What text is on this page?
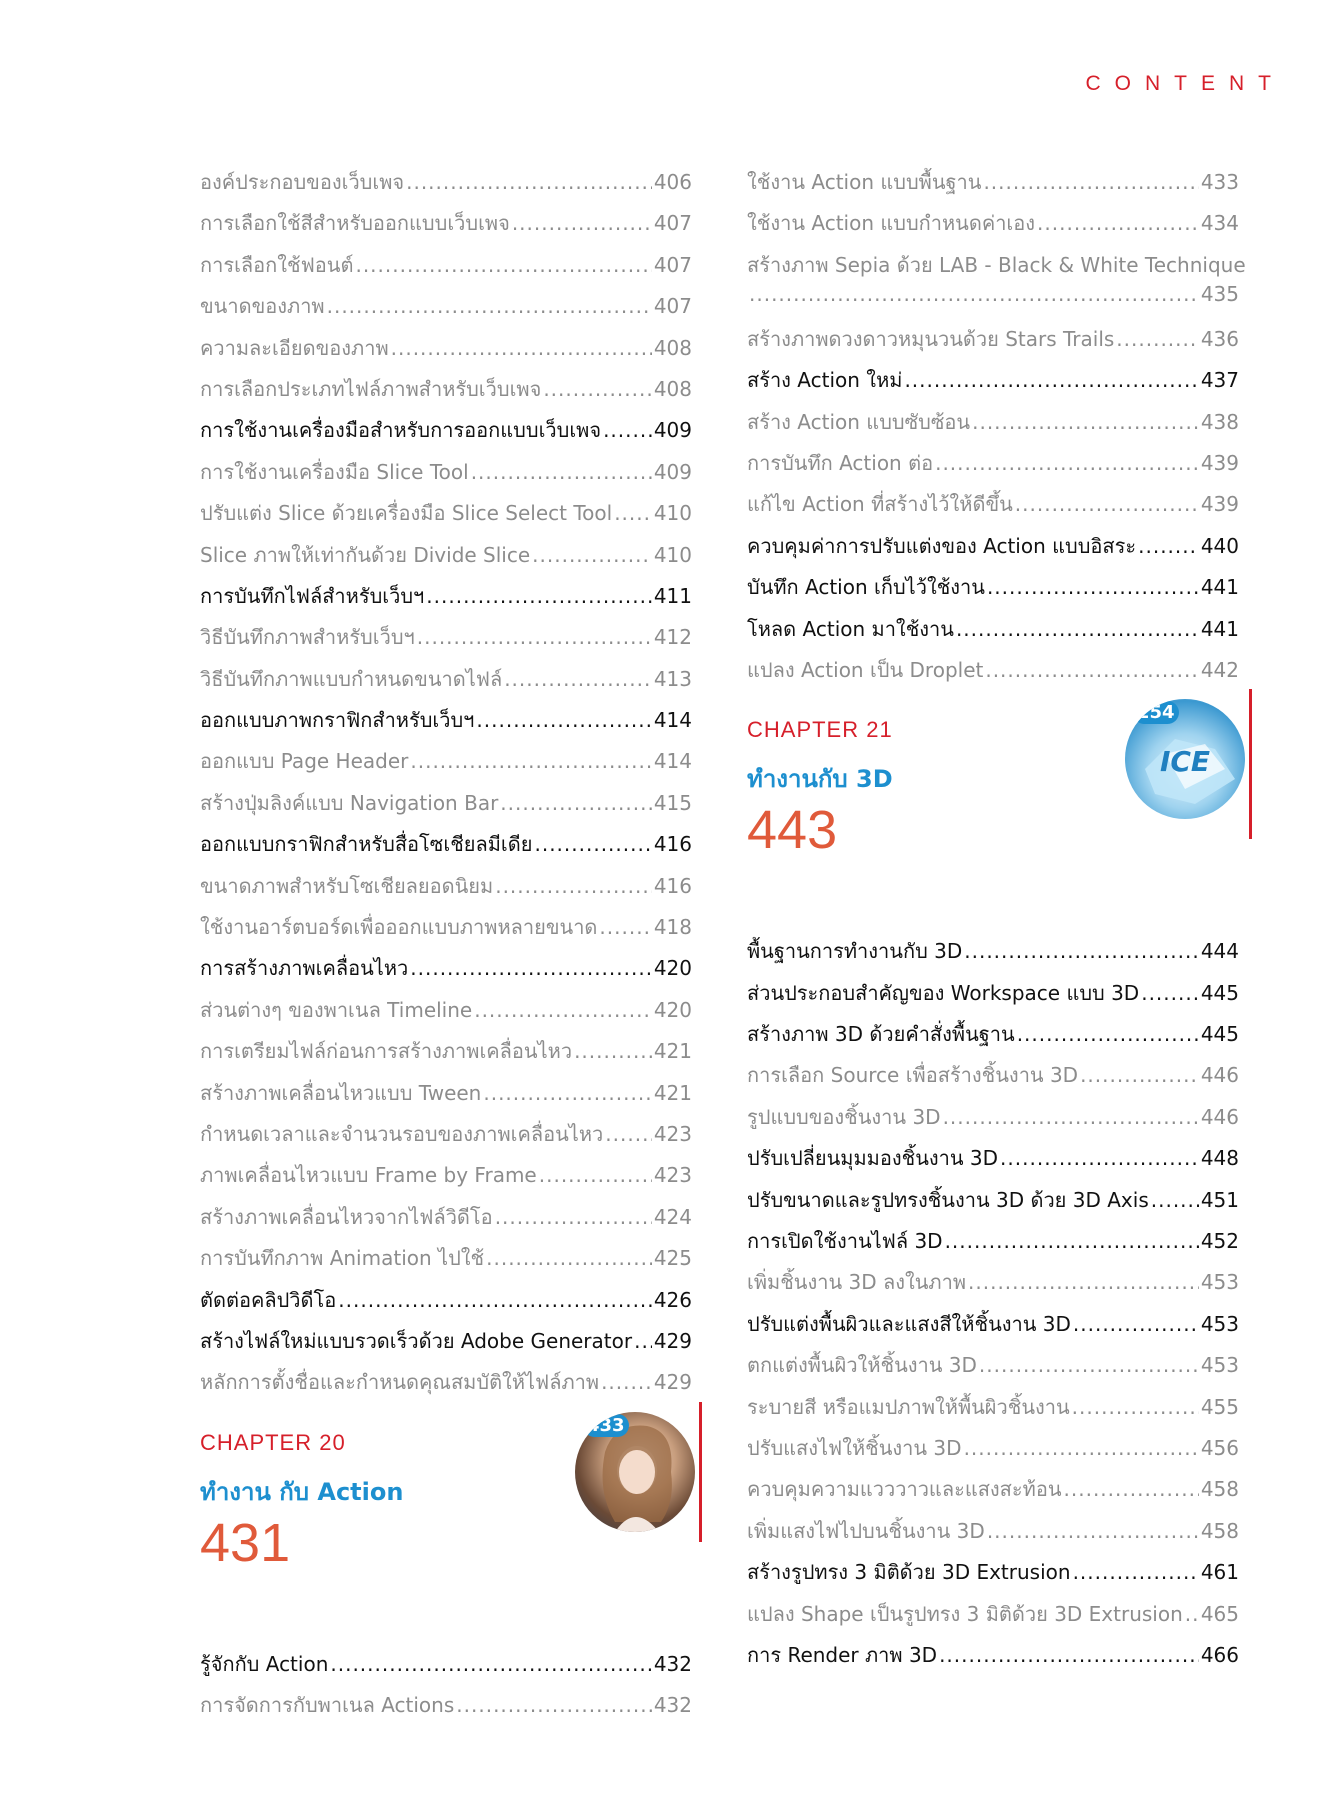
CONTENT
องค์ประกอบของเว็บเพจ .....	406
การเลือกใช้สีสำหรับออกแบบเว็บเพจ .....	407
การเลือกใช้ฟอนต์ .....	407
ขนาดของภาพ .....	407
ความละเอียดของภาพ .....	408
การเลือกประเภทไฟล์ภาพสำหรับเว็บเพจ .....	408
การใช้งานเครื่องมือสำหรับการออกแบบเว็บเพจ .....	409
การใช้งานเครื่องมือ Slice Tool .....	409
ปรับแต่ง Slice ด้วยเครื่องมือ Slice Select Tool ..... 410
Slice ภาพให้เท่ากันด้วย Divide Slice .....	410
การบันทึกไฟล์สำหรับเว็บฯ .....	411
วิธีบันทึกภาพสำหรับเว็บฯ .....	412
วิธีบันทึกภาพแบบกำหนดขนาดไฟล์ .....	413
ออกแบบภาพกราฟิกสำหรับเว็บฯ .....	414
ออกแบบ Page Header .....	414
สร้างปุ่มลิงค์แบบ Navigation Bar .....	415
ออกแบบกราฟิกสำหรับสื่อโซเชียลมีเดีย .....	416
ขนาดภาพสำหรับโซเชียลยอดนิยม .....	416
ใช้งานอาร์ตบอร์ดเพื่อออกแบบภาพหลายขนาด .....	418
การสร้างภาพเคลื่อนไหว .....	420
ส่วนต่างๆ ของพาเนล Timeline .....	420
การเตรียมไฟล์ก่อนการสร้างภาพเคลื่อนไหว .....	421
สร้างภาพเคลื่อนไหวแบบ Tween .....	421
กำหนดเวลาและจำนวนรอบของภาพเคลื่อนไหว .....	423
ภาพเคลื่อนไหวแบบ Frame by Frame .....	423
สร้างภาพเคลื่อนไหวจากไฟล์วิดีโอ .....	424
การบันทึกภาพ Animation ไปใช้ .....	425
ตัดต่อคลิปวิดีโอ .....	426
สร้างไฟล์ใหม่แบบรวดเร็วด้วย Adobe Generator ..... 429
หลักการตั้งชื่อและกำหนดคุณสมบัติให้ไฟล์ภาพ .....	429
CHAPTER 20
ทำงาน กับ Action
431
433
รู้จักกับ Action .....	432
การจัดการกับพาเนล Actions .....	432
ใช้งาน Action แบบพื้นฐาน .....	433
ใช้งาน Action แบบกำหนดค่าเอง .....	434
สร้างภาพ Sepia ด้วย LAB - Black & White Technique
.....
435
สร้างภาพดวงดาวหมุนวนด้วย Stars Trails .....	436
สร้าง Action ใหม่ .....	437
สร้าง Action แบบซับซ้อน .....	438
การบันทึก Action ต่อ .....	439
แก้ไข Action ที่สร้างไว้ให้ดีขึ้น .....	439
ควบคุมค่าการปรับแต่งของ Action แบบอิสระ .....	440
บันทึก Action เก็บไว้ใช้งาน .....	441
โหลด Action มาใช้งาน .....	441
แปลง Action เป็น Droplet .....	442
CHAPTER 21
ทำงานกับ 3D
443
254
ICE
พื้นฐานการทำงานกับ 3D .....	444
ส่วนประกอบสำคัญของ Workspace แบบ 3D .....	445
สร้างภาพ 3D ด้วยคำสั่งพื้นฐาน .....	445
การเลือก Source เพื่อสร้างชิ้นงาน 3D .....	446
รูปแบบของชิ้นงาน 3D .....	446
ปรับเปลี่ยนมุมมองชิ้นงาน 3D .....	448
ปรับขนาดและรูปทรงชิ้นงาน 3D ด้วย 3D Axis .....	451
การเปิดใช้งานไฟล์ 3D .....	452
เพิ่มชิ้นงาน 3D ลงในภาพ .....	453
ปรับแต่งพื้นผิวและแสงสีให้ชิ้นงาน 3D .....	453
ตกแต่งพื้นผิวให้ชิ้นงาน 3D .....	453
ระบายสี หรือแมปภาพให้พื้นผิวชิ้นงาน .....	455
ปรับแสงไฟให้ชิ้นงาน 3D .....	456
ควบคุมความแวววาวและแสงสะท้อน .....	458
เพิ่มแสงไฟไปบนชิ้นงาน 3D .....	458
สร้างรูปทรง 3 มิติด้วย 3D Extrusion .....	461
แปลง Shape เป็นรูปทรง 3 มิติด้วย 3D Extrusion ..... 465
การ Render ภาพ 3D .....	466
